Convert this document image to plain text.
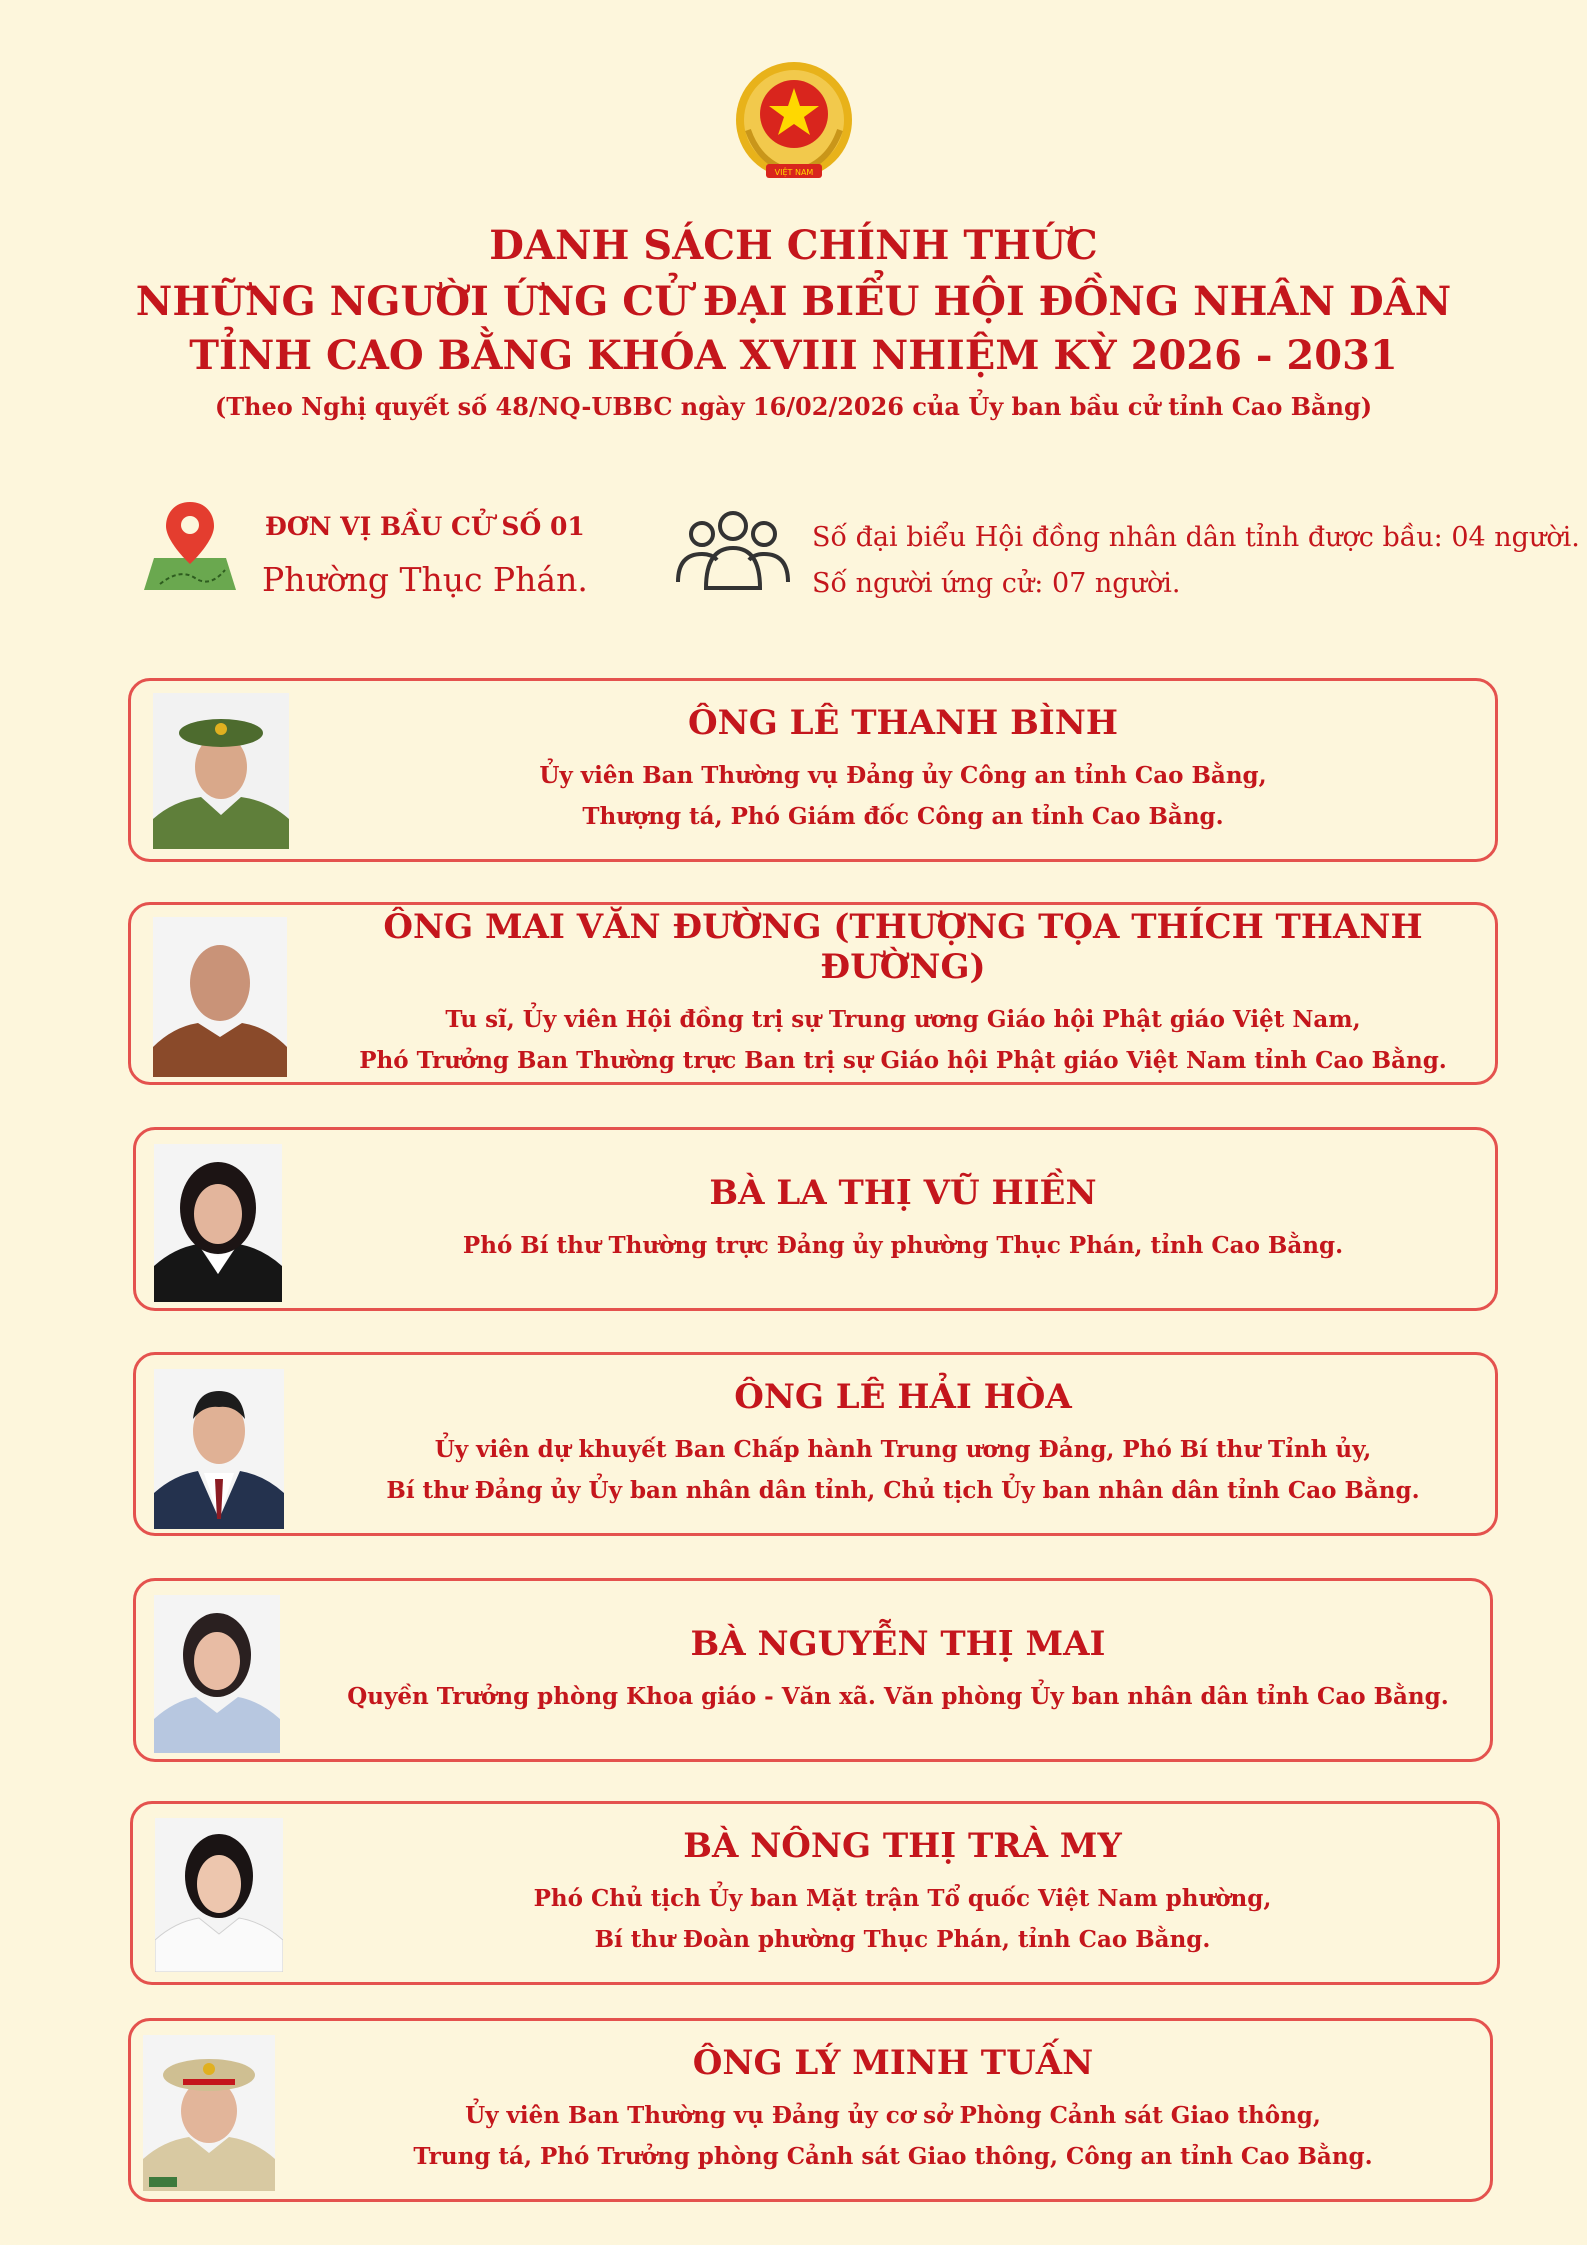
VIỆT NAM
DANH SÁCH CHÍNH THỨC
NHỮNG NGƯỜI ỨNG CỬ ĐẠI BIỂU HỘI ĐỒNG NHÂN DÂN
TỈNH CAO BẰNG KHÓA XVIII NHIỆM KỲ 2026 - 2031
(Theo Nghị quyết số 48/NQ-UBBC ngày 16/02/2026 của Ủy ban bầu cử tỉnh Cao Bằng)
ĐƠN VỊ BẦU CỬ SỐ 01
Phường Thục Phán.
Số đại biểu Hội đồng nhân dân tỉnh được bầu: 04 người.
Số người ứng cử: 07 người.
ÔNG LÊ THANH BÌNH
Ủy viên Ban Thường vụ Đảng ủy Công an tỉnh Cao Bằng,
Thượng tá, Phó Giám đốc Công an tỉnh Cao Bằng.
ÔNG MAI VĂN ĐƯỜNG (THƯỢNG TỌA THÍCH THANH ĐƯỜNG)
Tu sĩ, Ủy viên Hội đồng trị sự Trung ương Giáo hội Phật giáo Việt Nam,
Phó Trưởng Ban Thường trực Ban trị sự Giáo hội Phật giáo Việt Nam tỉnh Cao Bằng.
BÀ LA THỊ VŨ HIỀN
Phó Bí thư Thường trực Đảng ủy phường Thục Phán, tỉnh Cao Bằng.
ÔNG LÊ HẢI HÒA
Ủy viên dự khuyết Ban Chấp hành Trung ương Đảng, Phó Bí thư Tỉnh ủy,
Bí thư Đảng ủy Ủy ban nhân dân tỉnh, Chủ tịch Ủy ban nhân dân tỉnh Cao Bằng.
BÀ NGUYỄN THỊ MAI
Quyền Trưởng phòng Khoa giáo - Văn xã. Văn phòng Ủy ban nhân dân tỉnh Cao Bằng.
BÀ NÔNG THỊ TRÀ MY
Phó Chủ tịch Ủy ban Mặt trận Tổ quốc Việt Nam phường,
Bí thư Đoàn phường Thục Phán, tỉnh Cao Bằng.
ÔNG LÝ MINH TUẤN
Ủy viên Ban Thường vụ Đảng ủy cơ sở Phòng Cảnh sát Giao thông,
Trung tá, Phó Trưởng phòng Cảnh sát Giao thông, Công an tỉnh Cao Bằng.
